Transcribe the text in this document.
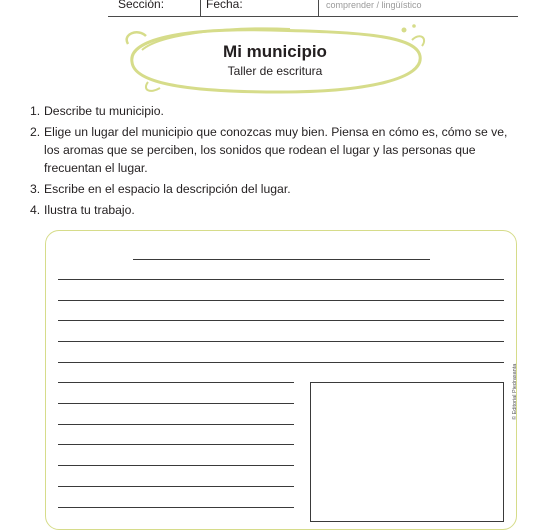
Sección:	Fecha:	comprender / lingüístico
Mi municipio
Taller de escritura
1. Describe tu municipio.
2. Elige un lugar del municipio que conozcas muy bien. Piensa en cómo es, cómo se ve, los aromas que se perciben, los sonidos que rodean el lugar y las personas que frecuentan el lugar.
3. Escribe en el espacio la descripción del lugar.
4. Ilustra tu trabajo.
© Editorial Piedrasanta
